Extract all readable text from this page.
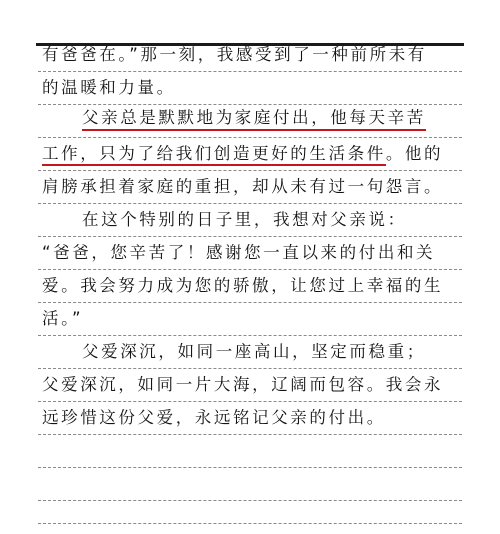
有爸爸在。”那一刻，我感受到了一种前所未有
的温暖和力量。
父亲总是默默地为家庭付出，他每天辛苦
工作，只为了给我们创造更好的生活条件。他的
肩膀承担着家庭的重担，却从未有过一句怨言。
在这个特别的日子里，我想对父亲说：
“爸爸，您辛苦了！感谢您一直以来的付出和关
爱。我会努力成为您的骄傲，让您过上幸福的生
活。”
父爱深沉，如同一座高山，坚定而稳重；
父爱深沉，如同一片大海，辽阔而包容。我会永
远珍惜这份父爱，永远铭记父亲的付出。
